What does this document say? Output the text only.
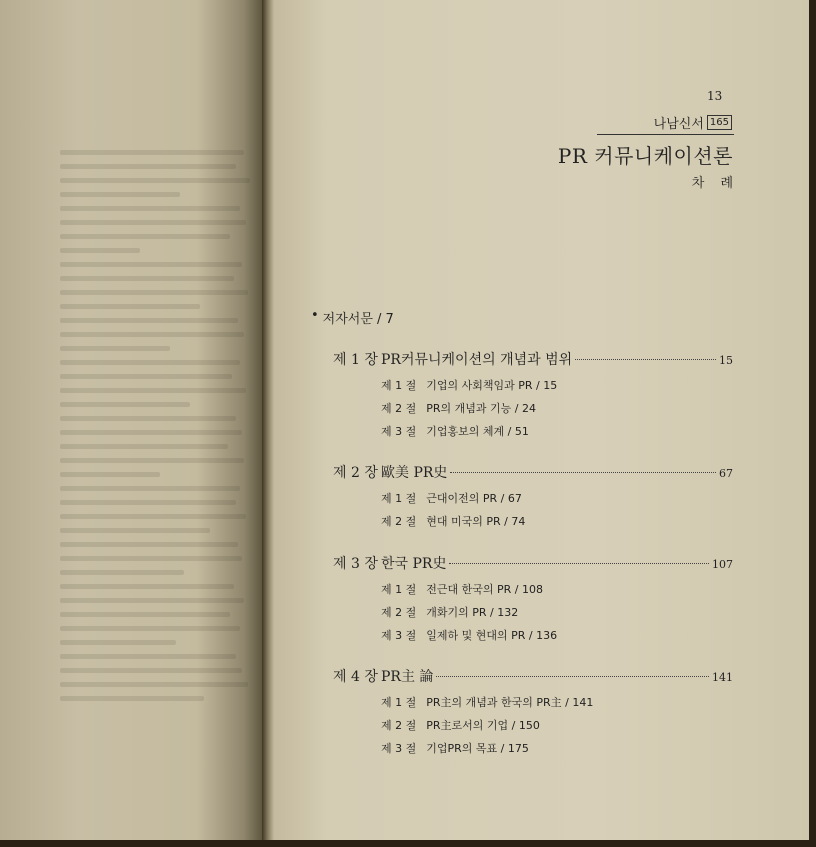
13
나남신서 165
PR 커뮤니케이션론
차 례
• 저자서문 / 7
제 1 장 PR커뮤니케이션의 개념과 범위	15
제 1 절 기업의 사회책임과 PR / 15
제 2 절 PR의 개념과 기능 / 24
제 3 절 기업홍보의 체계 / 51
제 2 장 歐美 PR史	67
제 1 절 근대이전의 PR / 67
제 2 절 현대 미국의 PR / 74
제 3 장 한국 PR史	107
제 1 절 전근대 한국의 PR / 108
제 2 절 개화기의 PR / 132
제 3 절 일제하 및 현대의 PR / 136
제 4 장 PR主 論	141
제 1 절 PR主의 개념과 한국의 PR主 / 141
제 2 절 PR主로서의 기업 / 150
제 3 절 기업PR의 목표 / 175
